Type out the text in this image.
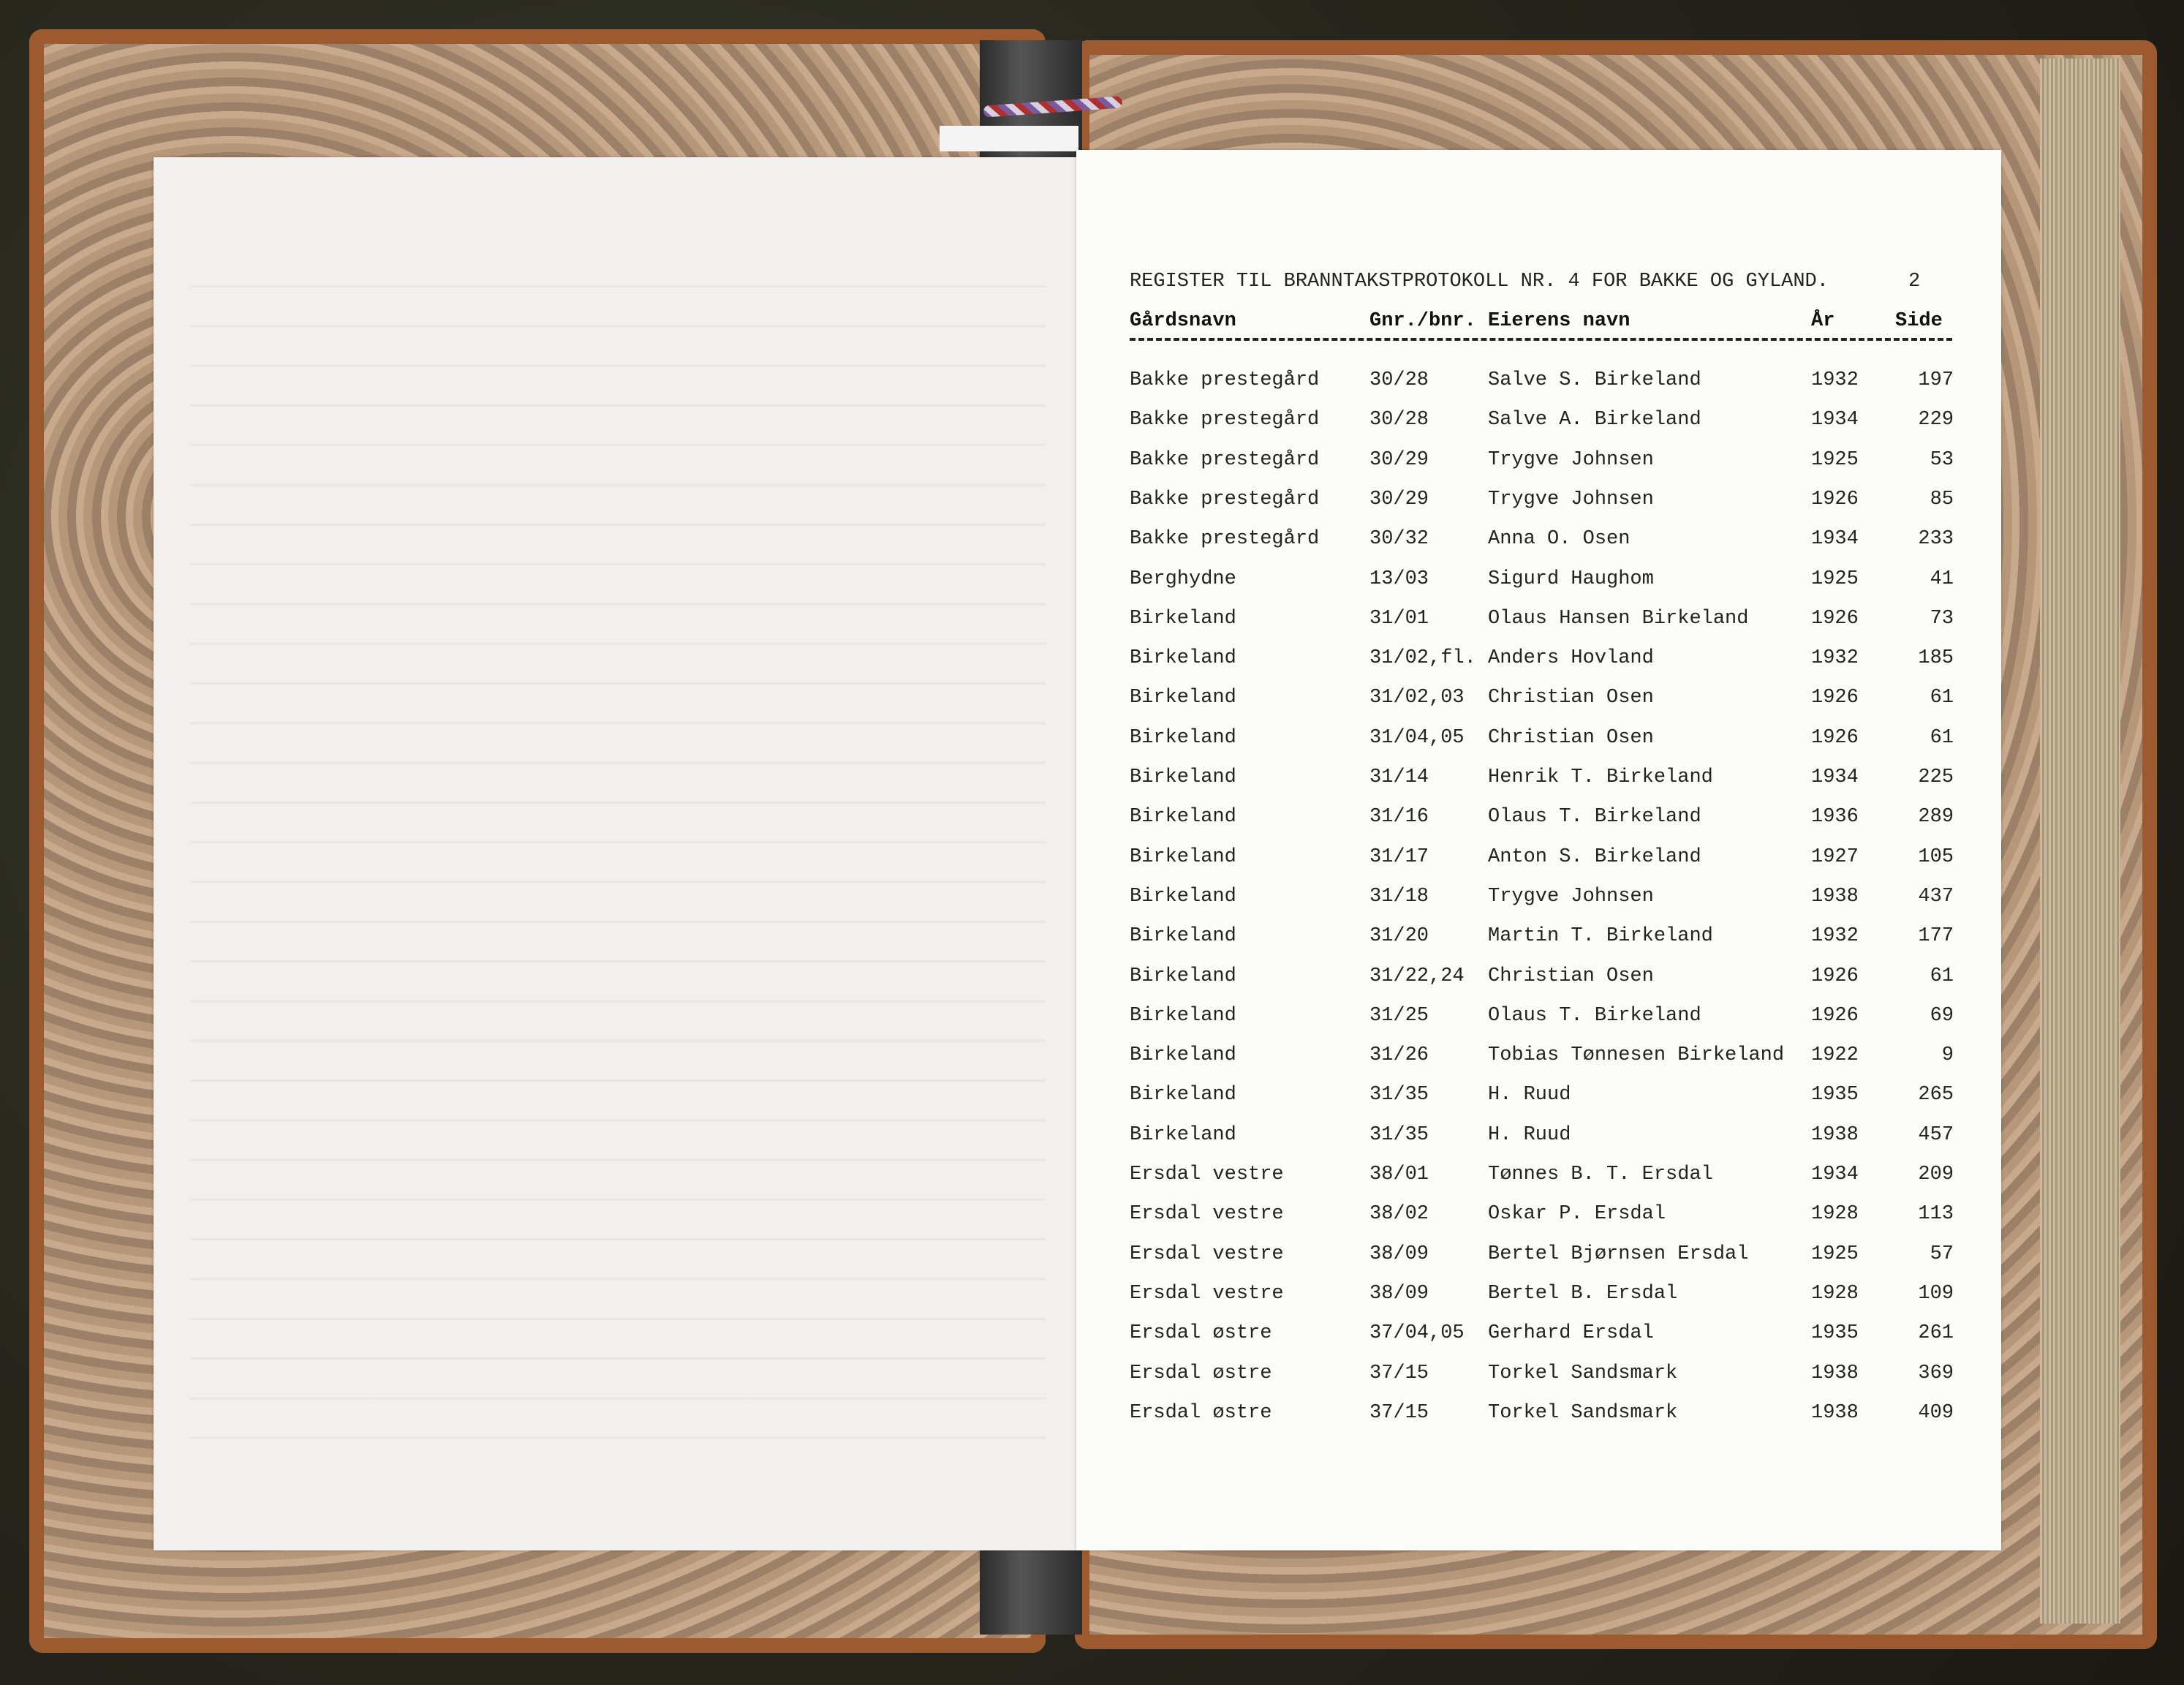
REGISTER TIL BRANNTAKSTPROTOKOLL NR. 4 FOR BAKKE OG GYLAND.	2
Gårdsnavn	Gnr./bnr. Eierens navn	År	Side
Bakke prestegård	30/28	Salve S. Birkeland	1932	197
Bakke prestegård	30/28	Salve A. Birkeland	1934	229
Bakke prestegård	30/29	Trygve Johnsen	1925	53
Bakke prestegård	30/29	Trygve Johnsen	1926	85
Bakke prestegård	30/32	Anna O. Osen	1934	233
Berghydne	13/03	Sigurd Haughom	1925	41
Birkeland	31/01	Olaus Hansen Birkeland	1926	73
Birkeland	31/02,fl. Anders Hovland	1932	185
Birkeland	31/02,03 Christian Osen	1926	61
Birkeland	31/04,05 Christian Osen	1926	61
Birkeland	31/14	Henrik T. Birkeland	1934	225
Birkeland	31/16	Olaus T. Birkeland	1936	289
Birkeland	31/17	Anton S. Birkeland	1927	105
Birkeland	31/18	Trygve Johnsen	1938	437
Birkeland	31/20	Martin T. Birkeland	1932	177
Birkeland	31/22,24 Christian Osen	1926	61
Birkeland	31/25	Olaus T. Birkeland	1926	69
Birkeland	31/26	Tobias Tønnesen Birkeland 1922	9
Birkeland	31/35	H. Ruud	1935	265
Birkeland	31/35	H. Ruud	1938	457
Ersdal vestre	38/01	Tønnes B. T. Ersdal	1934	209
Ersdal vestre	38/02	Oskar P. Ersdal	1928	113
Ersdal vestre	38/09	Bertel Bjørnsen Ersdal	1925	57
Ersdal vestre	38/09	Bertel B. Ersdal	1928	109
Ersdal østre	37/04,05 Gerhard Ersdal	1935	261
Ersdal østre	37/15	Torkel Sandsmark	1938	369
Ersdal østre	37/15	Torkel Sandsmark	1938	409
